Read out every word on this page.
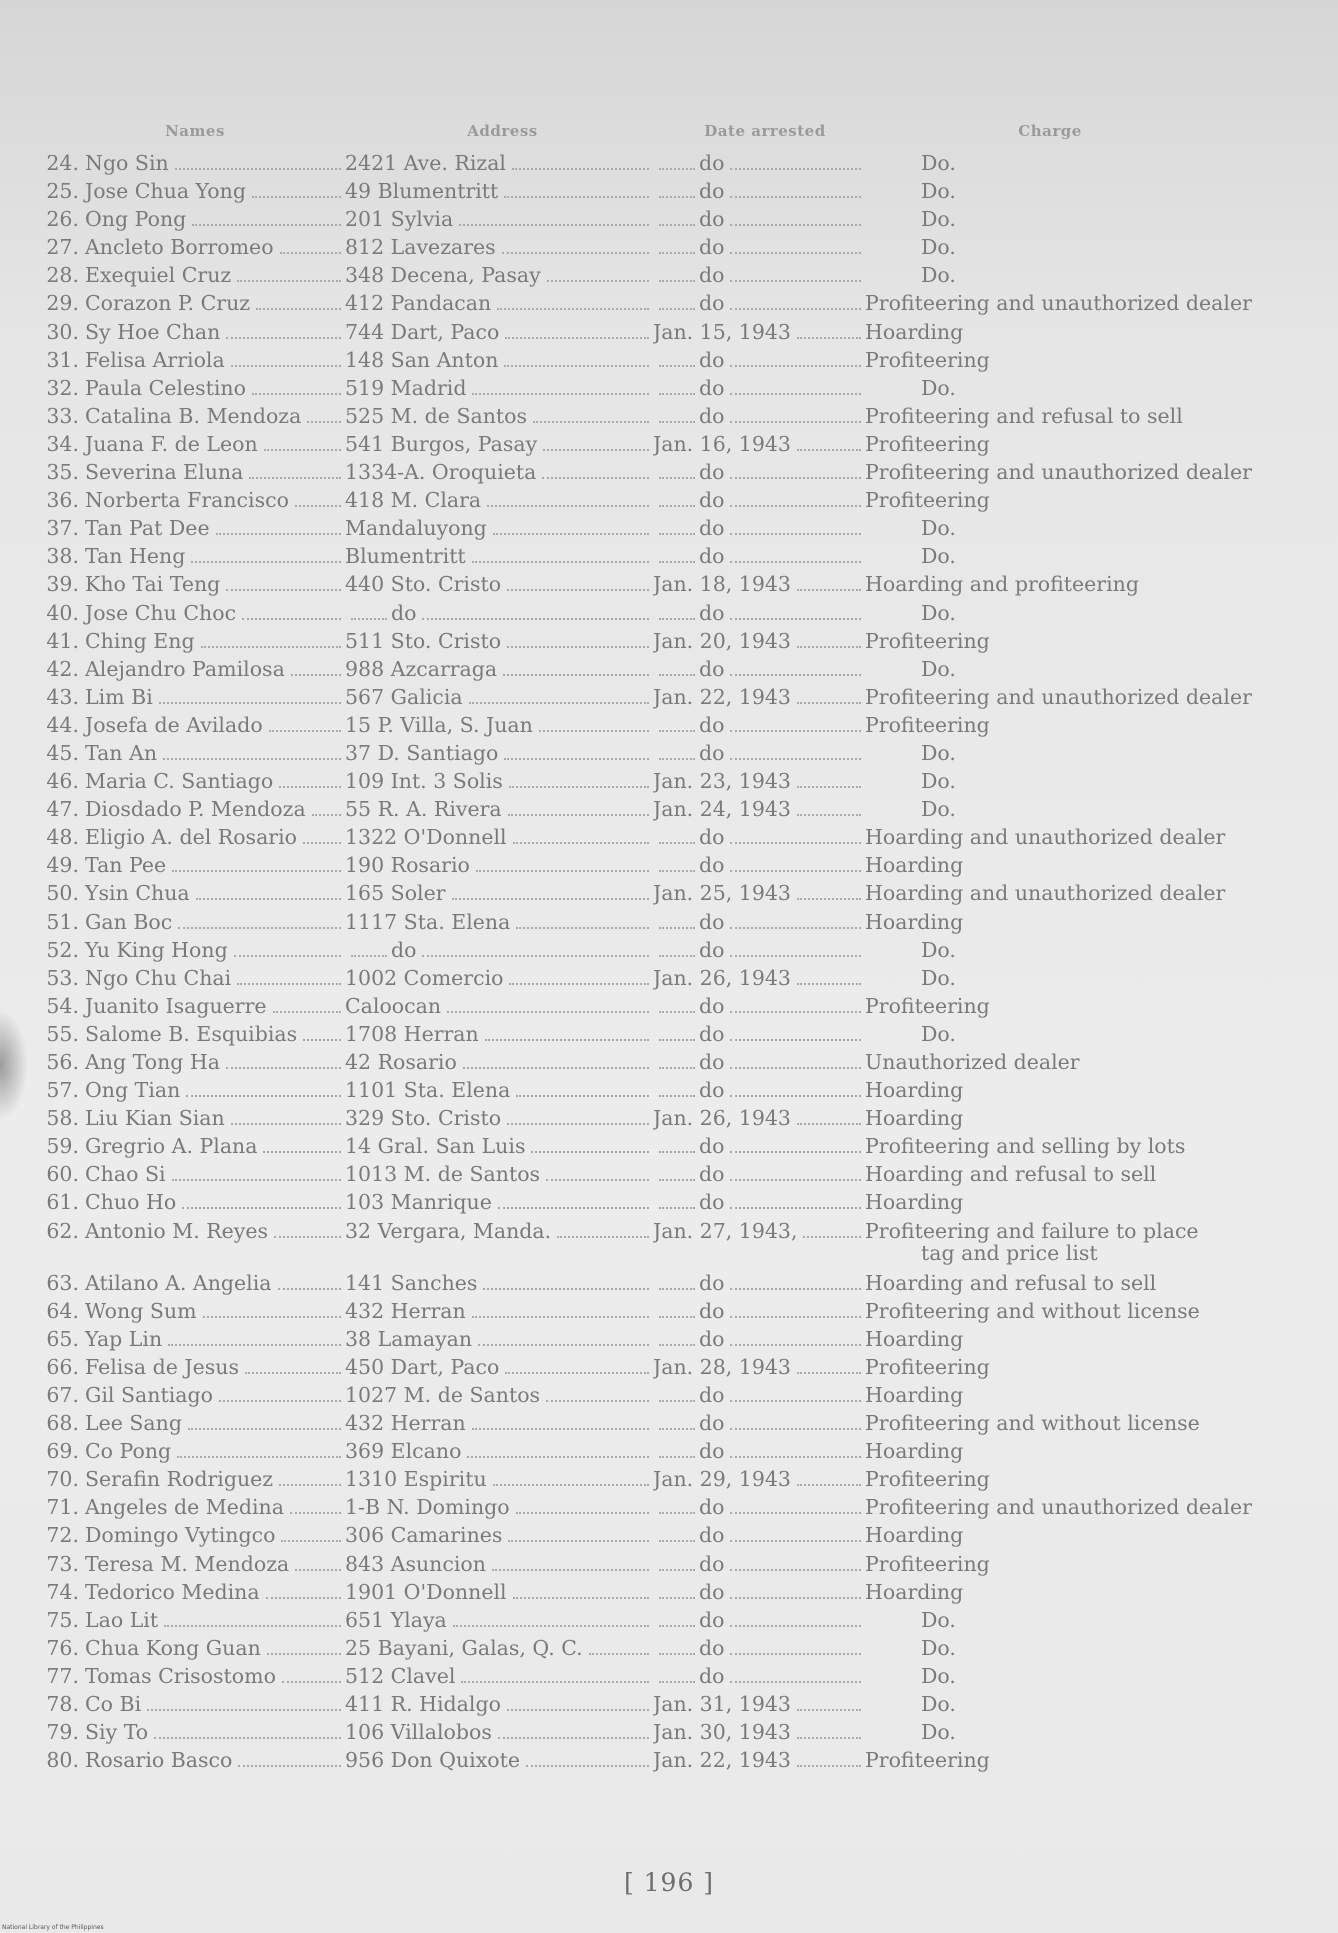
Names	Address	Date arrested	Charge
24. Ngo Sin	2421 Ave. Rizal	do	Do.
25. Jose Chua Yong	49 Blumentritt	do	Do.
26. Ong Pong	201 Sylvia	do	Do.
27. Ancleto Borromeo	812 Lavezares	do	Do.
28. Exequiel Cruz	348 Decena, Pasay	do	Do.
29. Corazon P. Cruz	412 Pandacan	do	Profiteering and unauthorized dealer
30. Sy Hoe Chan	744 Dart, Paco	Jan. 15, 1943	Hoarding
31. Felisa Arriola	148 San Anton	do	Profiteering
32. Paula Celestino	519 Madrid	do	Do.
33. Catalina B. Mendoza 525 M. de Santos	do	Profiteering and refusal to sell
34. Juana F. de Leon	541 Burgos, Pasay	Jan. 16, 1943	Profiteering
35. Severina Eluna	1334-A. Oroquieta	do	Profiteering and unauthorized dealer
36. Norberta Francisco	418 M. Clara	do	Profiteering
37. Tan Pat Dee	Mandaluyong	do	Do.
38. Tan Heng	Blumentritt	do	Do.
39. Kho Tai Teng	440 Sto. Cristo	Jan. 18, 1943	Hoarding and profiteering
40. Jose Chu Choc	do	do	Do.
41. Ching Eng	511 Sto. Cristo	Jan. 20, 1943	Profiteering
42. Alejandro Pamilosa	988 Azcarraga	do	Do.
43. Lim Bi	567 Galicia	Jan. 22, 1943	Profiteering and unauthorized dealer
44. Josefa de Avilado	15 P. Villa, S. Juan	do	Profiteering
45. Tan An	37 D. Santiago	do	Do.
46. Maria C. Santiago	109 Int. 3 Solis	Jan. 23, 1943	Do.
47. Diosdado P. Mendoza 55 R. A. Rivera	Jan. 24, 1943	Do.
48. Eligio A. del Rosario 1322 O'Donnell	do	Hoarding and unauthorized dealer
49. Tan Pee	190 Rosario	do	Hoarding
50. Ysin Chua	165 Soler	Jan. 25, 1943	Hoarding and unauthorized dealer
51. Gan Boc	1117 Sta. Elena	do	Hoarding
52. Yu King Hong	do	do	Do.
53. Ngo Chu Chai	1002 Comercio	Jan. 26, 1943	Do.
54. Juanito Isaguerre	Caloocan	do	Profiteering
55. Salome B. Esquibias 1708 Herran	do	Do.
56. Ang Tong Ha	42 Rosario	do	Unauthorized dealer
57. Ong Tian	1101 Sta. Elena	do	Hoarding
58. Liu Kian Sian	329 Sto. Cristo	Jan. 26, 1943	Hoarding
59. Gregrio A. Plana	14 Gral. San Luis	do	Profiteering and selling by lots
60. Chao Si	1013 M. de Santos	do	Hoarding and refusal to sell
61. Chuo Ho	103 Manrique	do	Hoarding
62. Antonio M. Reyes	32 Vergara, Manda.	Jan. 27, 1943,	Profiteering and failure to place
tag and price list
63. Atilano A. Angelia	141 Sanches	do	Hoarding and refusal to sell
64. Wong Sum	432 Herran	do	Profiteering and without license
65. Yap Lin	38 Lamayan	do	Hoarding
66. Felisa de Jesus	450 Dart, Paco	Jan. 28, 1943	Profiteering
67. Gil Santiago	1027 M. de Santos	do	Hoarding
68. Lee Sang	432 Herran	do	Profiteering and without license
69. Co Pong	369 Elcano	do	Hoarding
70. Serafin Rodriguez	1310 Espiritu	Jan. 29, 1943	Profiteering
71. Angeles de Medina	1-B N. Domingo	do	Profiteering and unauthorized dealer
72. Domingo Vytingco	306 Camarines	do	Hoarding
73. Teresa M. Mendoza	843 Asuncion	do	Profiteering
74. Tedorico Medina	1901 O'Donnell	do	Hoarding
75. Lao Lit	651 Ylaya	do	Do.
76. Chua Kong Guan	25 Bayani, Galas, Q. C.	do	Do.
77. Tomas Crisostomo	512 Clavel	do	Do.
78. Co Bi	411 R. Hidalgo	Jan. 31, 1943	Do.
79. Siy To	106 Villalobos	Jan. 30, 1943	Do.
80. Rosario Basco	956 Don Quixote	Jan. 22, 1943	Profiteering
[ 196 ]
National Library of the Philippines
